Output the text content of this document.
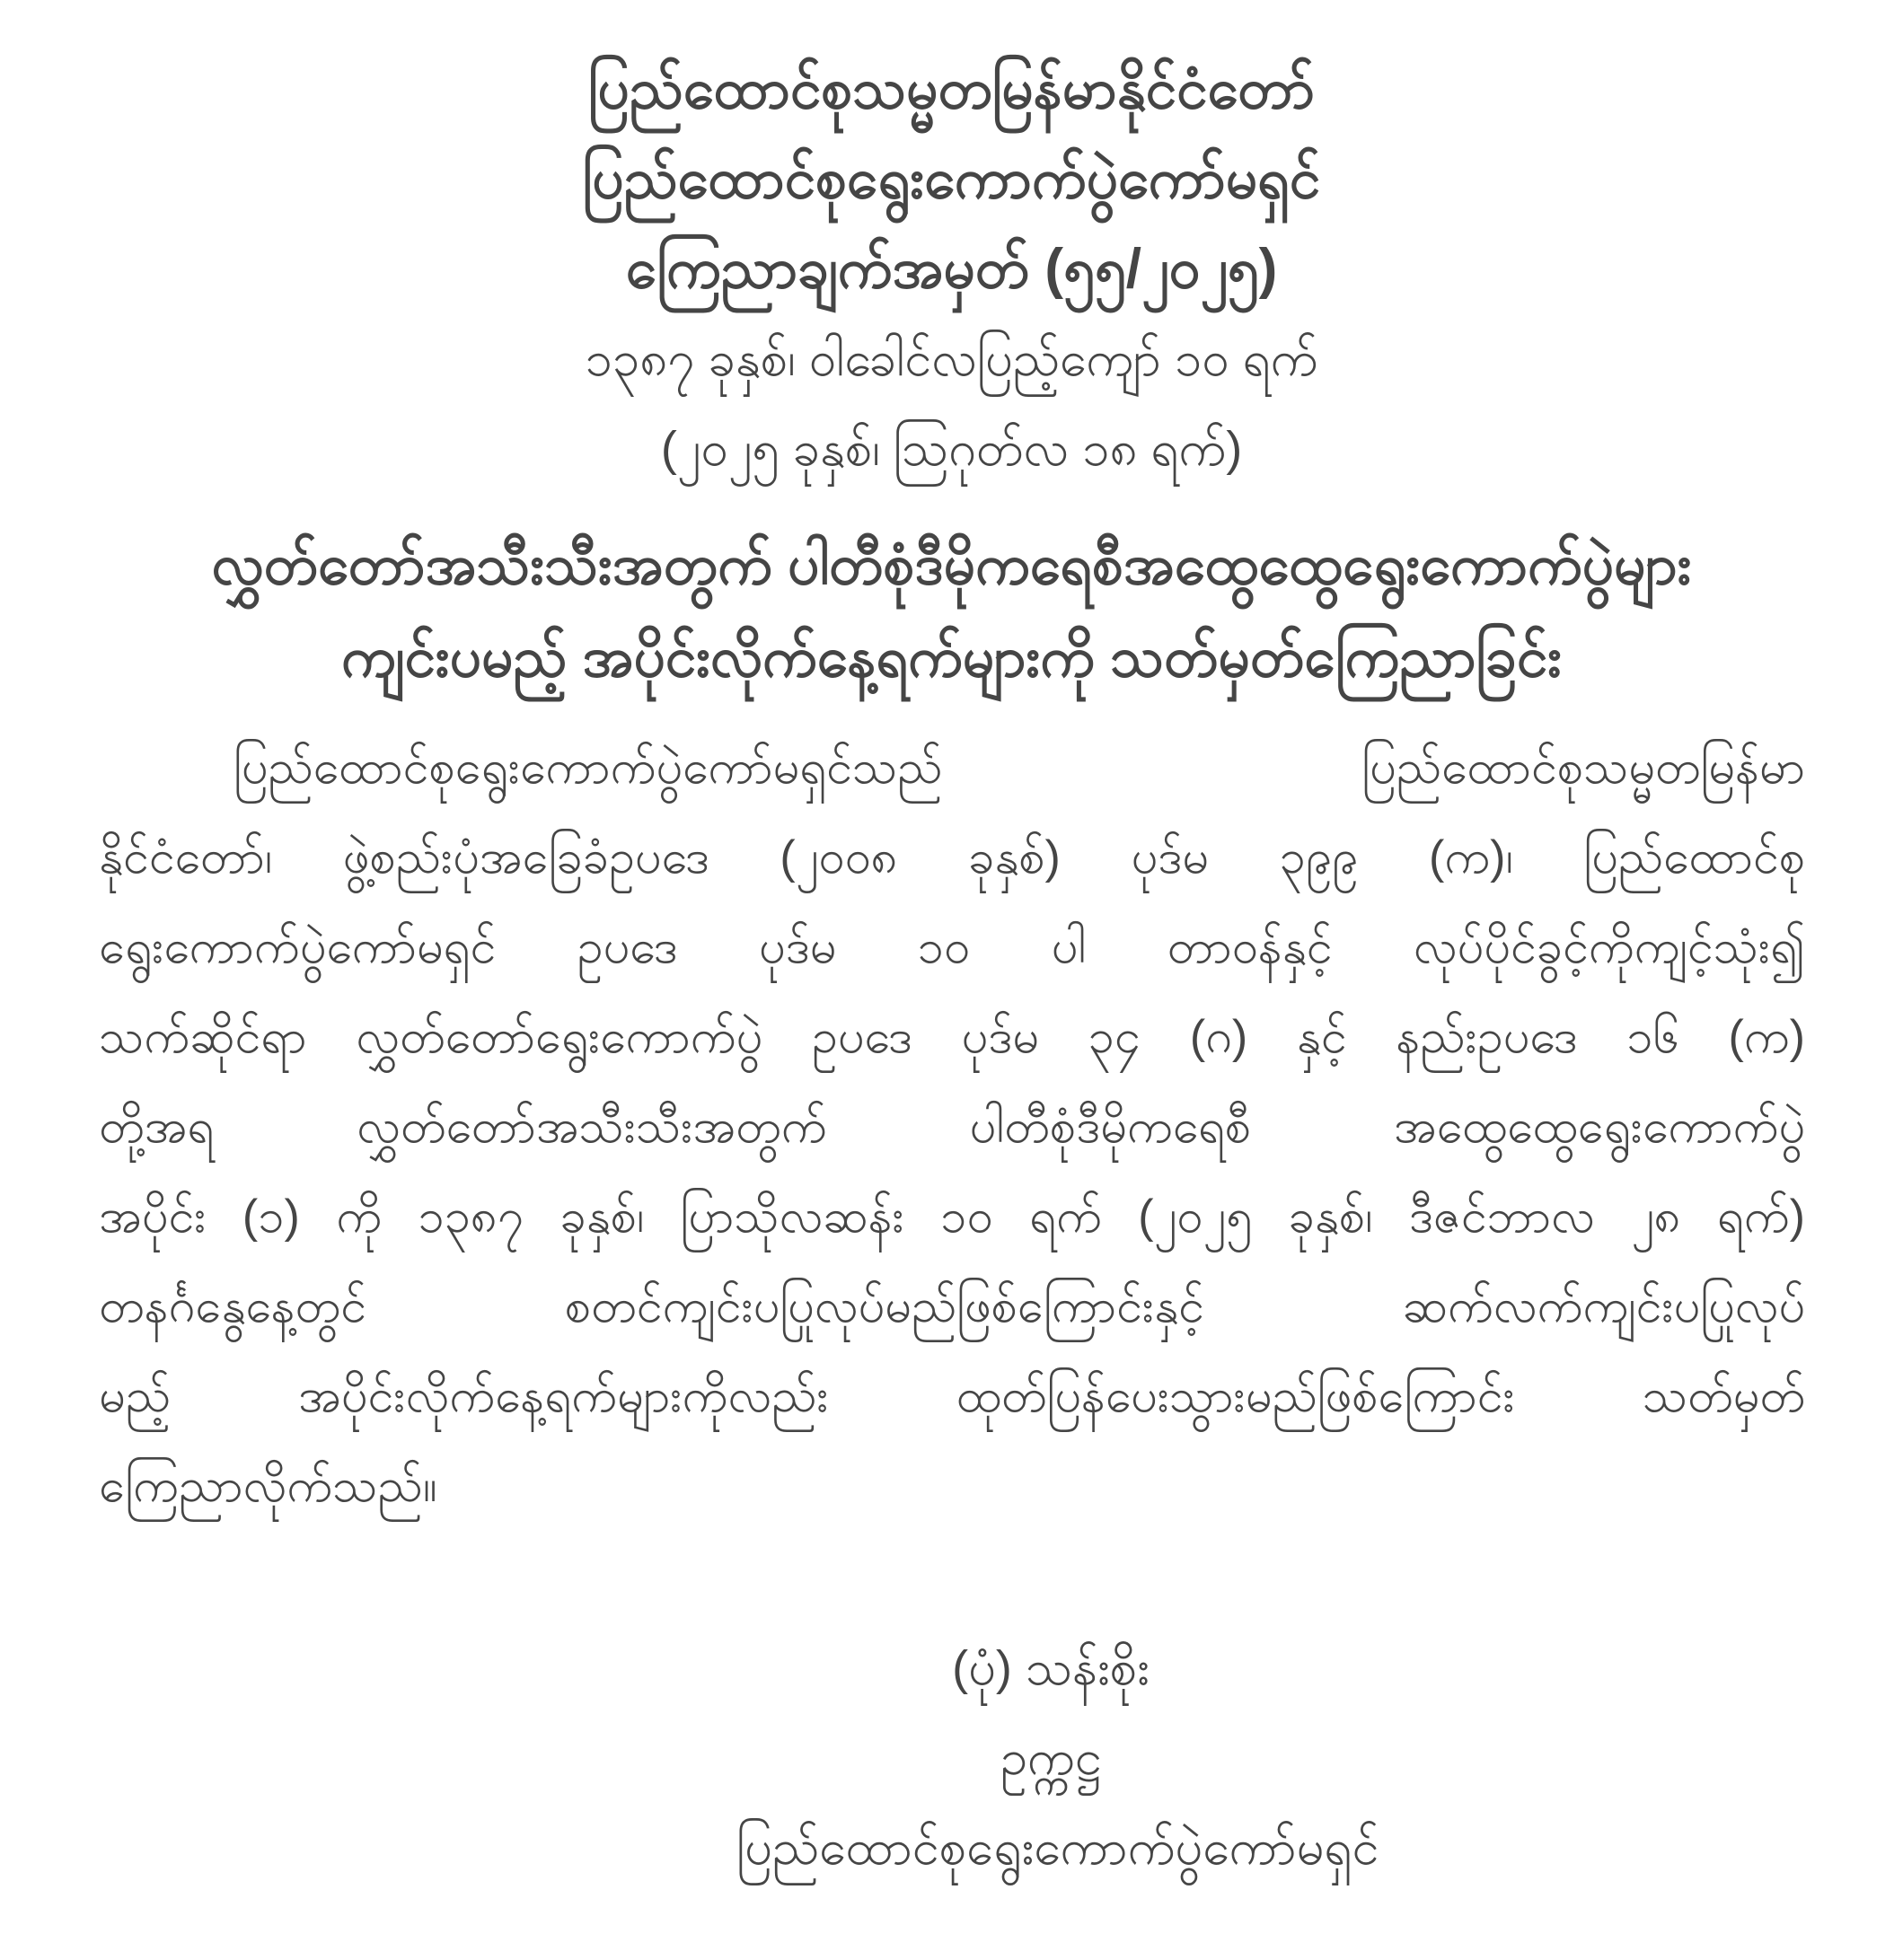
ပြည်ထောင်စုသမ္မတမြန်မာနိုင်ငံတော်
ပြည်ထောင်စုရွေးကောက်ပွဲကော်မရှင်
ကြေညာချက်အမှတ် (၅၅/၂၀၂၅)
၁၃၈၇ ခုနှစ်၊ ဝါခေါင်လပြည့်ကျော် ၁၀ ရက်
(၂၀၂၅ ခုနှစ်၊ သြဂုတ်လ ၁၈ ရက်)
လွှတ်တော်အသီးသီးအတွက် ပါတီစုံဒီမိုကရေစီအထွေထွေရွေးကောက်ပွဲများ
ကျင်းပမည့် အပိုင်းလိုက်နေ့ရက်များကို သတ်မှတ်ကြေညာခြင်း
ပြည်ထောင်စုရွေးကောက်ပွဲကော်မရှင်သည် ပြည်ထောင်စုသမ္မတမြန်မာ
နိုင်ငံတော်၊ ဖွဲ့စည်းပုံအခြေခံဥပဒေ (၂၀၀၈ ခုနှစ်) ပုဒ်မ ၃၉၉ (က)၊ ပြည်ထောင်စု
ရွေးကောက်ပွဲကော်မရှင် ဥပဒေ ပုဒ်မ ၁၀ ပါ တာဝန်နှင့် လုပ်ပိုင်ခွင့်ကိုကျင့်သုံး၍
သက်ဆိုင်ရာ လွှတ်တော်ရွေးကောက်ပွဲ ဥပဒေ ပုဒ်မ ၃၄ (ဂ) နှင့် နည်းဥပဒေ ၁၆ (က)
တို့အရ လွှတ်တော်အသီးသီးအတွက် ပါတီစုံဒီမိုကရေစီ အထွေထွေရွေးကောက်ပွဲ
အပိုင်း (၁) ကို ၁၃၈၇ ခုနှစ်၊ ပြာသိုလဆန်း ၁၀ ရက် (၂၀၂၅ ခုနှစ်၊ ဒီဇင်ဘာလ ၂၈ ရက်)
တနင်္ဂနွေနေ့တွင် စတင်ကျင်းပပြုလုပ်မည်ဖြစ်ကြောင်းနှင့် ဆက်လက်ကျင်းပပြုလုပ်
မည့် အပိုင်းလိုက်နေ့ရက်များကိုလည်း ထုတ်ပြန်ပေးသွားမည်ဖြစ်ကြောင်း သတ်မှတ်
ကြေညာလိုက်သည်။
(ပုံ) သန်းစိုး
ဥက္ကဋ္ဌ
ပြည်ထောင်စုရွေးကောက်ပွဲကော်မရှင်
